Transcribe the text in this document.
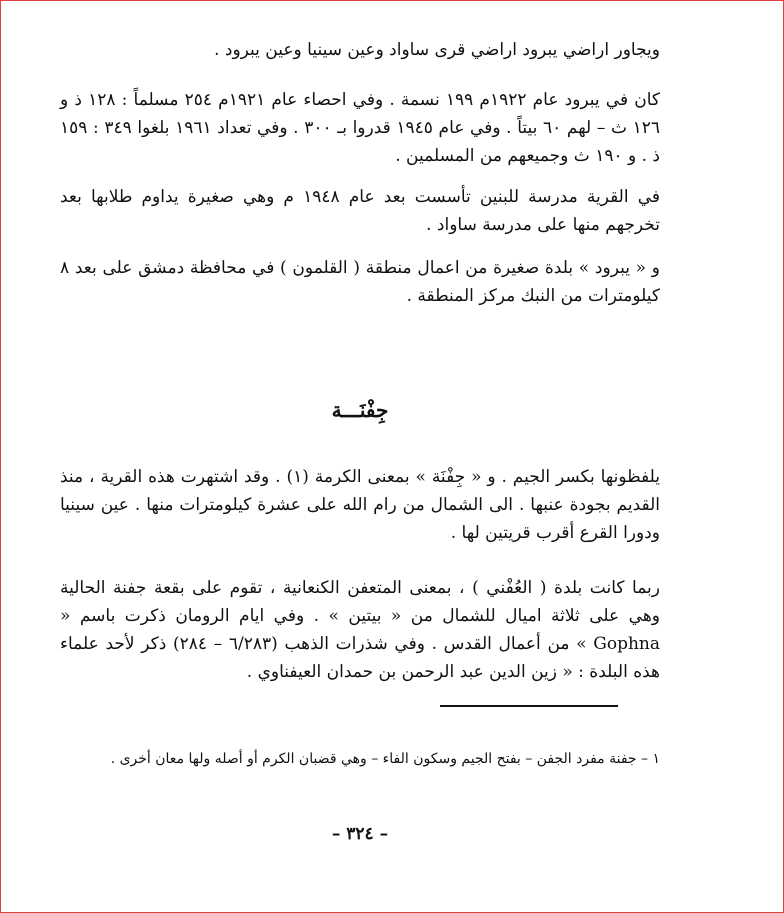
ويجاور اراضي يبرود اراضي قرى ساواد وعين سينيا وعين يبرود .

كان في يبرود عام ١٩٢٢م ١٩٩ نسمة . وفي احصاء عام ١٩٢١م ٢٥٤ مسلماً : ١٢٨ ذ و ١٢٦ ث – لهم ٦٠ بيتاً . وفي عام ١٩٤٥ قدروا بـ ٣٠٠ . وفي تعداد ١٩٦١ بلغوا ٣٤٩ : ١٥٩ ذ . و ١٩٠ ث وجميعهم من المسلمين .

في القرية مدرسة للبنين تأسست بعد عام ١٩٤٨ م وهي صغيرة يداوم طلابها بعد تخرجهم منها على مدرسة ساواد .

و « يبرود » بلدة صغيرة من اعمال منطقة ( القلمون ) في محافظة دمشق على بعد ٨ كيلومترات من النبك مركز المنطقة .

جِفْنَـــة

يلفظونها بكسر الجيم . و « جِفْنَة » بمعنى الكرمة (١) . وقد اشتهرت هذه القرية ، منذ القديم بجودة عنبها . الى الشمال من رام الله على عشرة كيلومترات منها . عين سينيا ودورا القرع أقرب قريتين لها .

ربما كانت بلدة ( العُفْني ) ، بمعنى المتعفن الكنعانية ، تقوم على بقعة جفنة الحالية وهي على ثلاثة اميال للشمال من « بيتين » . وفي ايام الرومان ذكرت باسم « Gophna » من أعمال القدس . وفي شذرات الذهب (٦/٢٨٣ – ٢٨٤) ذكر لأحد علماء هذه البلدة : « زين الدين عبد الرحمن بن حمدان العيفناوي .

١ – جفنة مفرد الجفن – بفتح الجيم وسكون الفاء – وهي قضبان الكرم أو أصله ولها معان أخرى .

– ٣٢٤ –
